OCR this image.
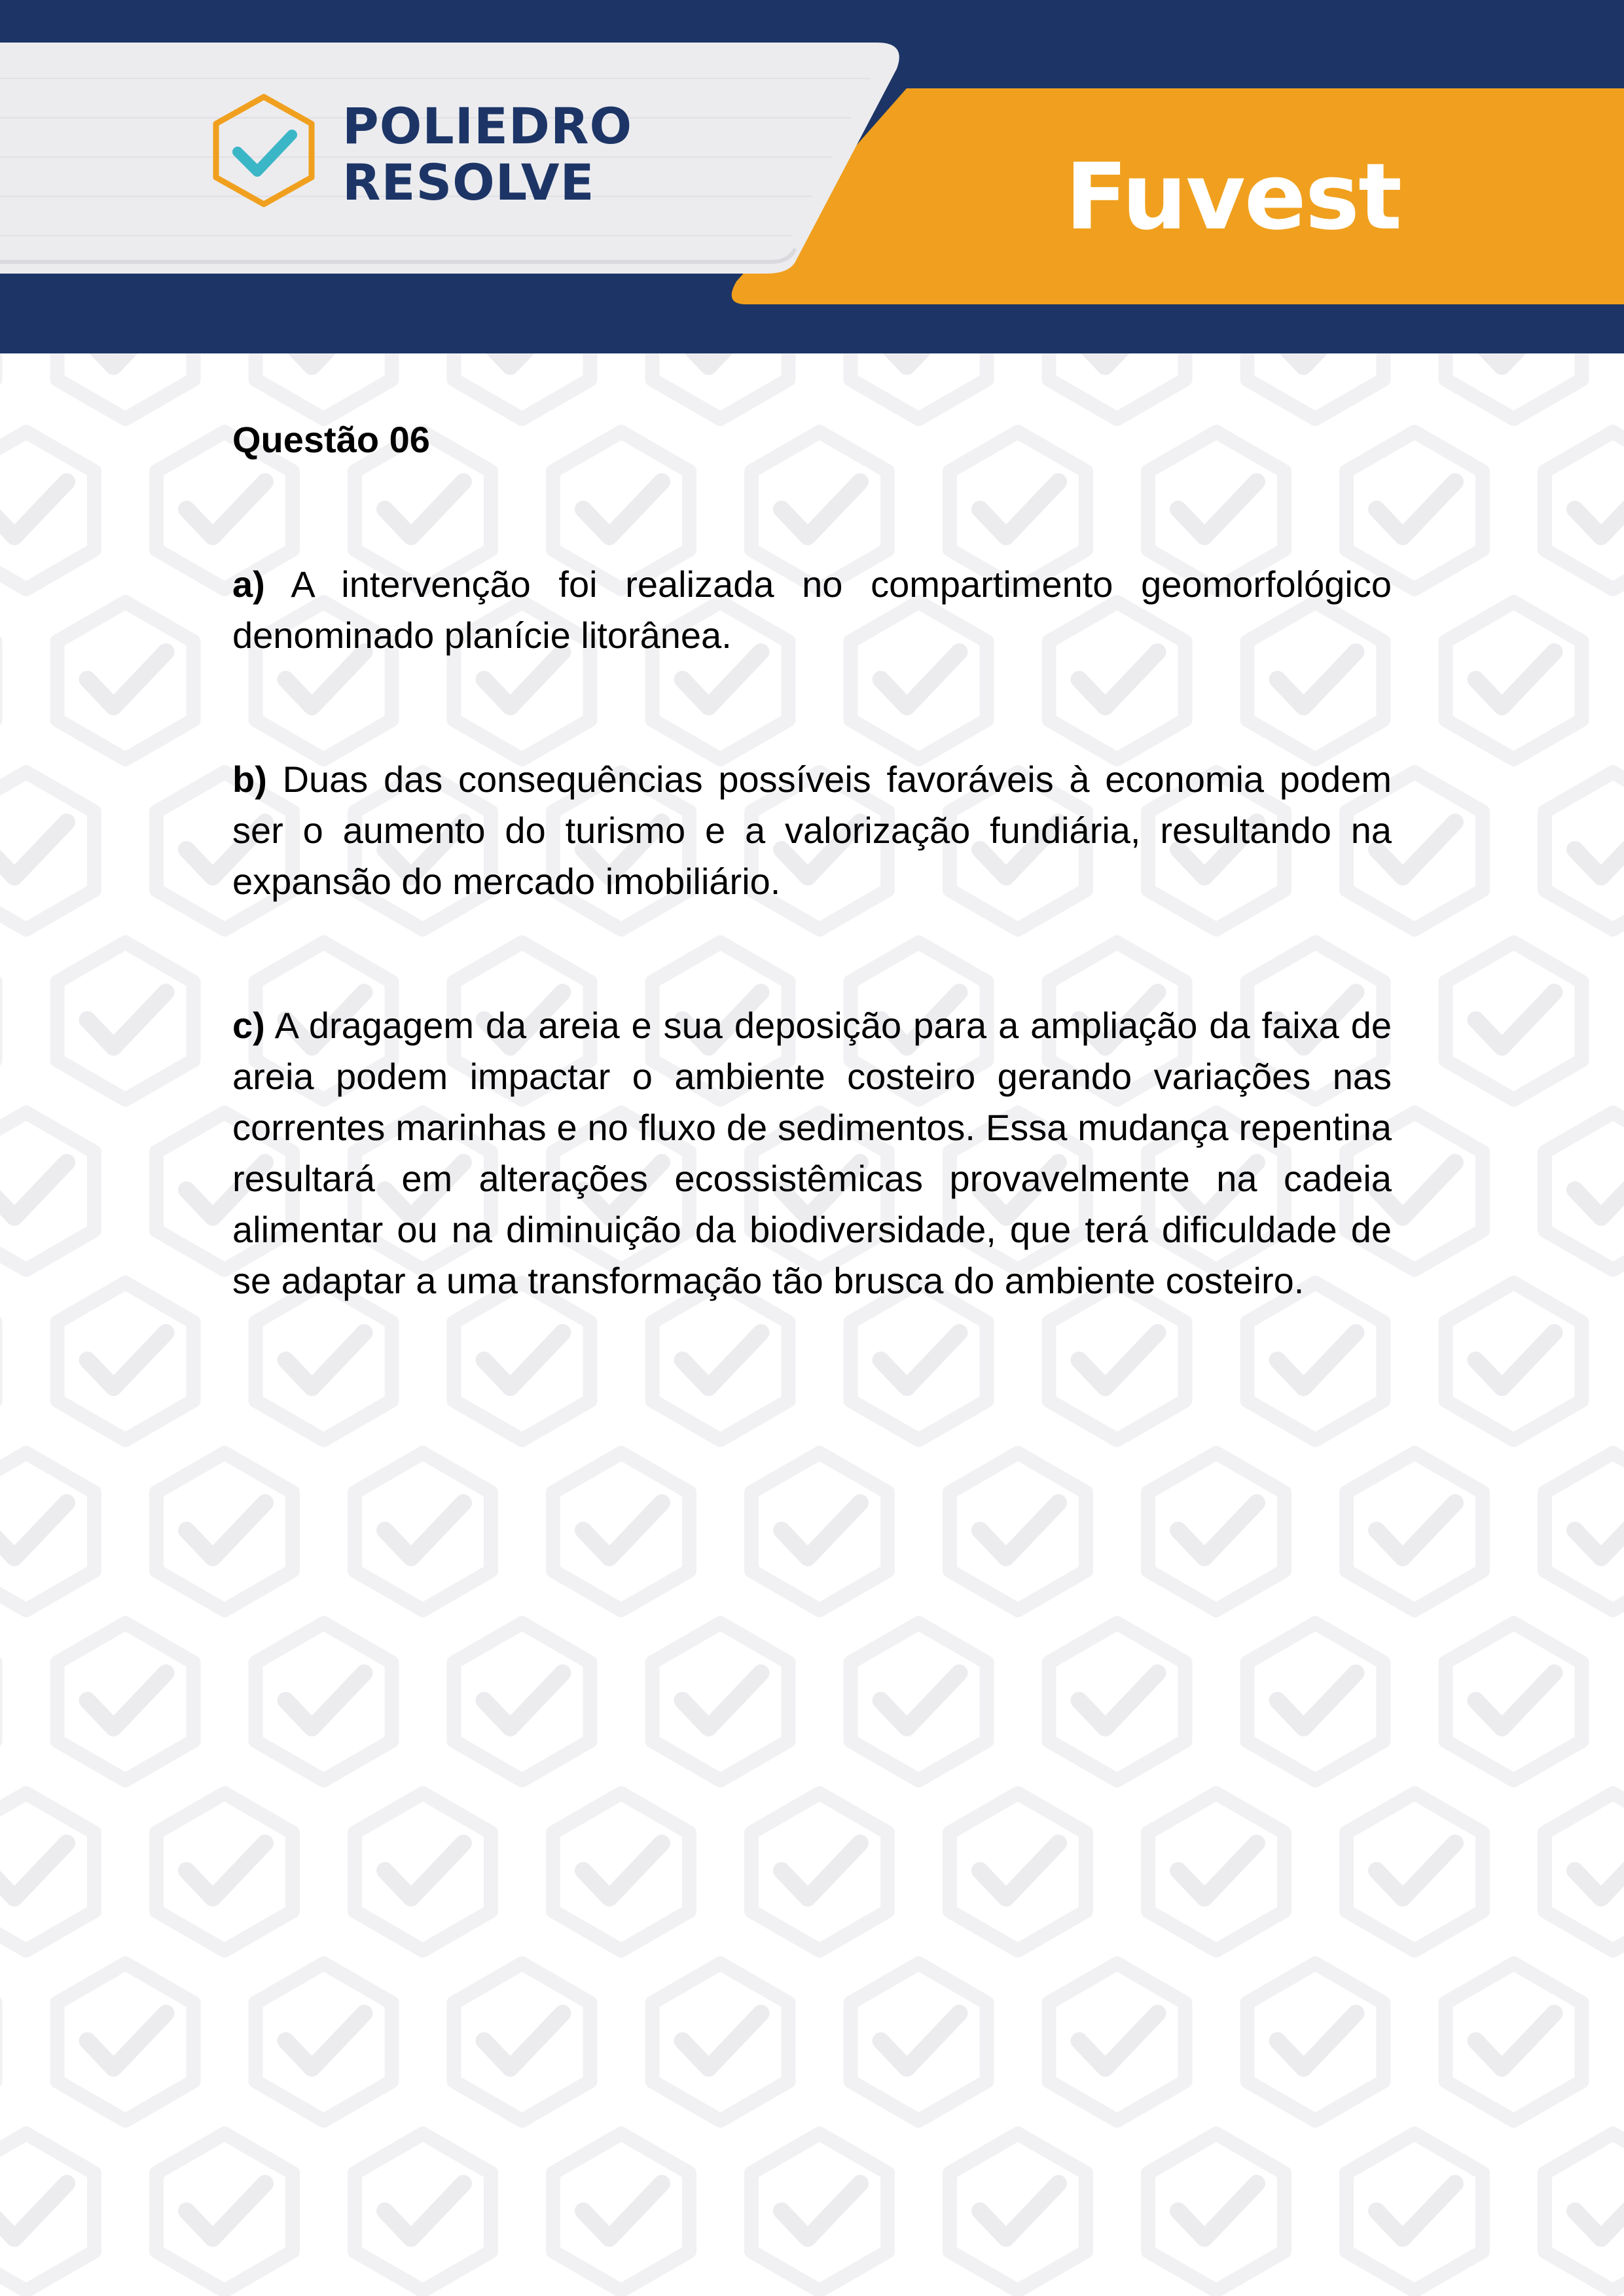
POLIEDRO
RESOLVE	Fuvest
Questão 06

a) A intervenção foi realizada no compartimento geomorfológico denominado planície litorânea.

b) Duas das consequências possíveis favoráveis à economia podem ser o aumento do turismo e a valorização fundiária, resultando na expansão do mercado imobiliário.

c) A dragagem da areia e sua deposição para a ampliação da faixa de areia podem impactar o ambiente costeiro gerando variações nas correntes marinhas e no fluxo de sedimentos. Essa mudança repentina resultará em alterações ecossistêmicas provavelmente na cadeia alimentar ou na diminuição da biodiversidade, que terá dificuldade de se adaptar a uma transformação tão brusca do ambiente costeiro.
